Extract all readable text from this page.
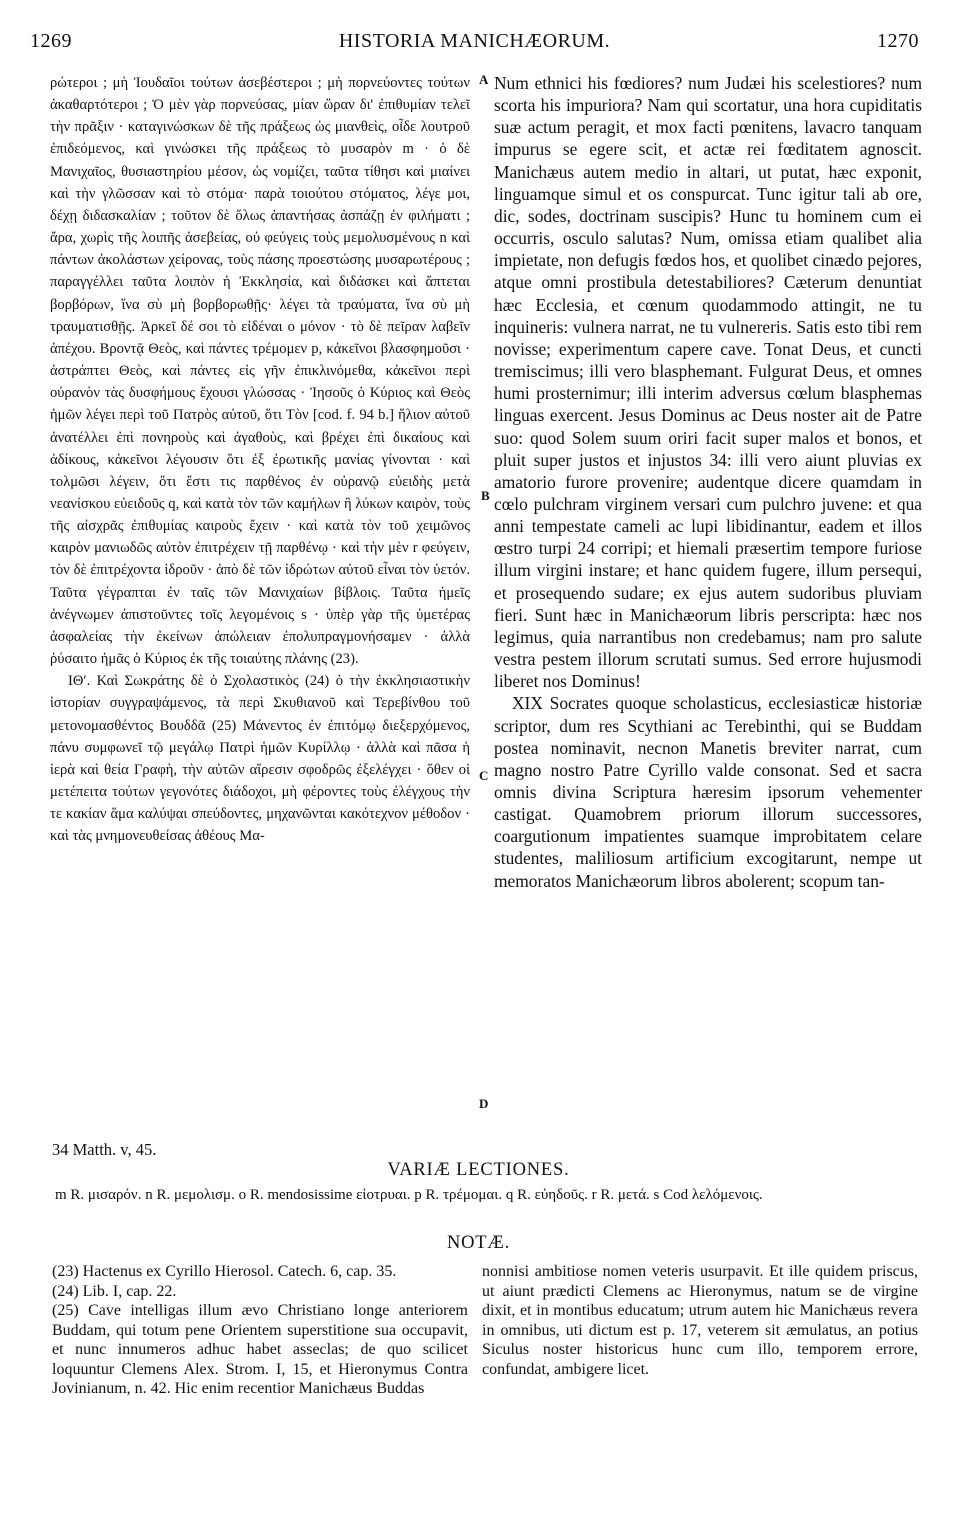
1269	HISTORIA MANICHÆORUM.	1270

ρώτεροι ; μὴ Ἰουδαῖοι τούτων ἀσεβέστεροι ; μὴ πορνεύοντες τούτων ἀκαθαρτότεροι ; Ὁ μὲν γὰρ πορνεύσας, μίαν ὥραν δι' ἐπιθυμίαν τελεῖ τὴν πρᾶξιν · καταγινώσκων δὲ τῆς πράξεως ὡς μιανθεὶς, οἶδε λουτροῦ ἐπιδεόμενος, καὶ γινώσκει τῆς πράξεως τὸ μυσαρὸν m · ὁ δὲ Μανιχαῖος, θυσιαστηρίου μέσον, ὡς νομίζει, ταῦτα τίθησι καὶ μιαίνει καὶ τὴν γλῶσσαν καὶ τὸ στόμα· παρὰ τοιούτου στόματος, λέγε μοι, δέχῃ διδασκαλίαν ; τοῦτον δὲ ὅλως ἀπαντήσας ἀσπάζῃ ἐν φιλήματι ; ἄρα, χωρὶς τῆς λοιπῆς ἀσεβείας, οὐ φεύγεις τοὺς μεμολυσμένους n καὶ πάντων ἀκολάστων χείρονας, τοὺς πάσης προεστώσης μυσαρωτέρους ; παραγγέλλει ταῦτα λοιπὸν ἡ Ἐκκλησία, καὶ διδάσκει καὶ ἅπτεται βορβόρων, ἵνα σὺ μὴ βορβορωθῇς· λέγει τὰ τραύματα, ἵνα σὺ μὴ τραυματισθῇς. Ἀρκεῖ δέ σοι τὸ εἰδέναι o μόνον · τὸ δὲ πεῖραν λαβεῖν ἀπέχου. Βροντᾷ Θεὸς, καὶ πάντες τρέμομεν p, κἀκεῖνοι βλασφημοῦσι · ἀστράπτει Θεὸς, καὶ πάντες εἰς γῆν ἐπικλινόμεθα, κἀκεῖνοι περὶ οὐρανὸν τὰς δυσφήμους ἔχουσι γλώσσας · Ἰησοῦς ὁ Κύριος καὶ Θεὸς ἡμῶν λέγει περὶ τοῦ Πατρὸς αὐτοῦ, ὅτι Τὸν [cod. f. 94 b.] ἥλιον αὐτοῦ ἀνατέλλει ἐπὶ πονηροὺς καὶ ἀγαθοὺς, καὶ βρέχει ἐπὶ δικαίους καὶ ἀδίκους, κἀκεῖνοι λέγουσιν ὅτι ἐξ ἐρωτικῆς μανίας γίνονται · καὶ τολμῶσι λέγειν, ὅτι ἔστι τις παρθένος ἐν οὐρανῷ εὐειδὴς μετὰ νεανίσκου εὐειδοῦς q, καὶ κατὰ τὸν τῶν καμήλων ἢ λύκων καιρὸν, τοὺς τῆς αἰσχρᾶς ἐπιθυμίας καιροὺς ἔχειν · καὶ κατὰ τὸν τοῦ χειμῶνος καιρὸν μανιωδῶς αὐτὸν ἐπιτρέχειν τῇ παρθένῳ · καὶ τὴν μὲν r φεύγειν, τὸν δὲ ἐπιτρέχοντα ἱδροῦν · ἀπὸ δὲ τῶν ἱδρώτων αὐτοῦ εἶναι τὸν ὑετόν. Ταῦτα γέγραπται ἐν ταῖς τῶν Μανιχαίων βίβλοις. Ταῦτα ἡμεῖς ἀνέγνωμεν ἀπιστοῦντες τοῖς λεγομένοις s · ὑπὲρ γὰρ τῆς ὑμετέρας ἀσφαλείας τὴν ἐκείνων ἀπώλειαν ἐπολυπραγμονήσαμεν · ἀλλὰ ῥύσαιτο ἡμᾶς ὁ Κύριος ἐκ τῆς τοιαύτης πλάνης (23).

ΙΘʹ. Καὶ Σωκράτης δὲ ὁ Σχολαστικὸς (24) ὁ τὴν ἐκκλησιαστικὴν ἱστορίαν συγγραψάμενος, τὰ περὶ Σκυθιανοῦ καὶ Τερεβίνθου τοῦ μετονομασθέντος Βουδδᾶ (25) Μάνεντος ἐν ἐπιτόμῳ διεξερχόμενος, πάνυ συμφωνεῖ τῷ μεγάλῳ Πατρὶ ἡμῶν Κυρίλλῳ · ἀλλὰ καὶ πᾶσα ἡ ἱερὰ καὶ θεία Γραφὴ, τὴν αὐτῶν αἵρεσιν σφοδρῶς ἐξελέγχει · ὅθεν οἱ μετέπειτα τούτων γεγονότες διάδοχοι, μὴ φέροντες τοὺς ἐλέγχους τὴν τε κακίαν ἅμα καλύψαι σπεύδοντες, μηχανῶνται κακότεχνον μέθοδον · καὶ τὰς μνημονευθείσας ἀθέους Μα-

A
B
C
D

Num ethnici his fœdiores? num Judæi his scelestiores? num scorta his impuriora? Nam qui scortatur, una hora cupiditatis suæ actum peragit, et mox facti pœnitens, lavacro tanquam impurus se egere scit, et actæ rei fœditatem agnoscit. Manichæus autem medio in altari, ut putat, hæc exponit, linguamque simul et os conspurcat. Tunc igitur tali ab ore, dic, sodes, doctrinam suscipis? Hunc tu hominem cum ei occurris, osculo salutas? Num, omissa etiam qualibet alia impietate, non defugis fœdos hos, et quolibet cinædo pejores, atque omni prostibula detestabiliores? Cæterum denuntiat hæc Ecclesia, et cœnum quodammodo attingit, ne tu inquineris: vulnera narrat, ne tu vulnereris. Satis esto tibi rem novisse; experimentum capere cave. Tonat Deus, et cuncti tremiscimus; illi vero blasphemant. Fulgurat Deus, et omnes humi prosternimur; illi interim adversus cœlum blasphemas linguas exercent. Jesus Dominus ac Deus noster ait de Patre suo: quod Solem suum oriri facit super malos et bonos, et pluit super justos et injustos 34: illi vero aiunt pluvias ex amatorio furore provenire; audentque dicere quamdam in cœlo pulchram virginem versari cum pulchro juvene: et qua anni tempestate cameli ac lupi libidinantur, eadem et illos œstro turpi 24 corripi; et hiemali præsertim tempore furiose illum virgini instare; et hanc quidem fugere, illum persequi, et prosequendo sudare; ex ejus autem sudoribus pluviam fieri. Sunt hæc in Manichæorum libris perscripta: hæc nos legimus, quia narrantibus non credebamus; nam pro salute vestra pestem illorum scrutati sumus. Sed errore hujusmodi liberet nos Dominus!

XIX Socrates quoque scholasticus, ecclesiasticæ historiæ scriptor, dum res Scythiani ac Terebinthi, qui se Buddam postea nominavit, necnon Manetis breviter narrat, cum magno nostro Patre Cyrillo valde consonat. Sed et sacra omnis divina Scriptura hæresim ipsorum vehementer castigat. Quamobrem priorum illorum successores, coargutionum impatientes suamque improbitatem celare studentes, maliliosum artificium excogitarunt, nempe ut memoratos Manichæorum libros abolerent; scopum tan-

34 Matth. v, 45.
VARIÆ LECTIONES.
m R. μισαρόν. n R. μεμολισμ. o R. mendosissime εἰοτρυαι. p R. τρέμομαι. q R. εὐηδοῦς. r R. μετά. s Cod λελόμενοις.
NOTÆ.

(23) Hactenus ex Cyrillo Hierosol. Catech. 6, cap. 35.

(24) Lib. I, cap. 22.

(25) Cave intelligas illum ævo Christiano longe anteriorem Buddam, qui totum pene Orientem superstitione sua occupavit, et nunc innumeros adhuc habet asseclas; de quo scilicet loquuntur Clemens Alex. Strom. I, 15, et Hieronymus Contra Jovinianum, n. 42. Hic enim recentior Manichæus Buddas

nonnisi ambitiose nomen veteris usurpavit. Et ille quidem priscus, ut aiunt prædicti Clemens ac Hieronymus, natum se de virgine dixit, et in montibus educatum; utrum autem hic Manichæus revera in omnibus, uti dictum est p. 17, veterem sit æmulatus, an potius Siculus noster historicus hunc cum illo, temporem errore, confundat, ambigere licet.
